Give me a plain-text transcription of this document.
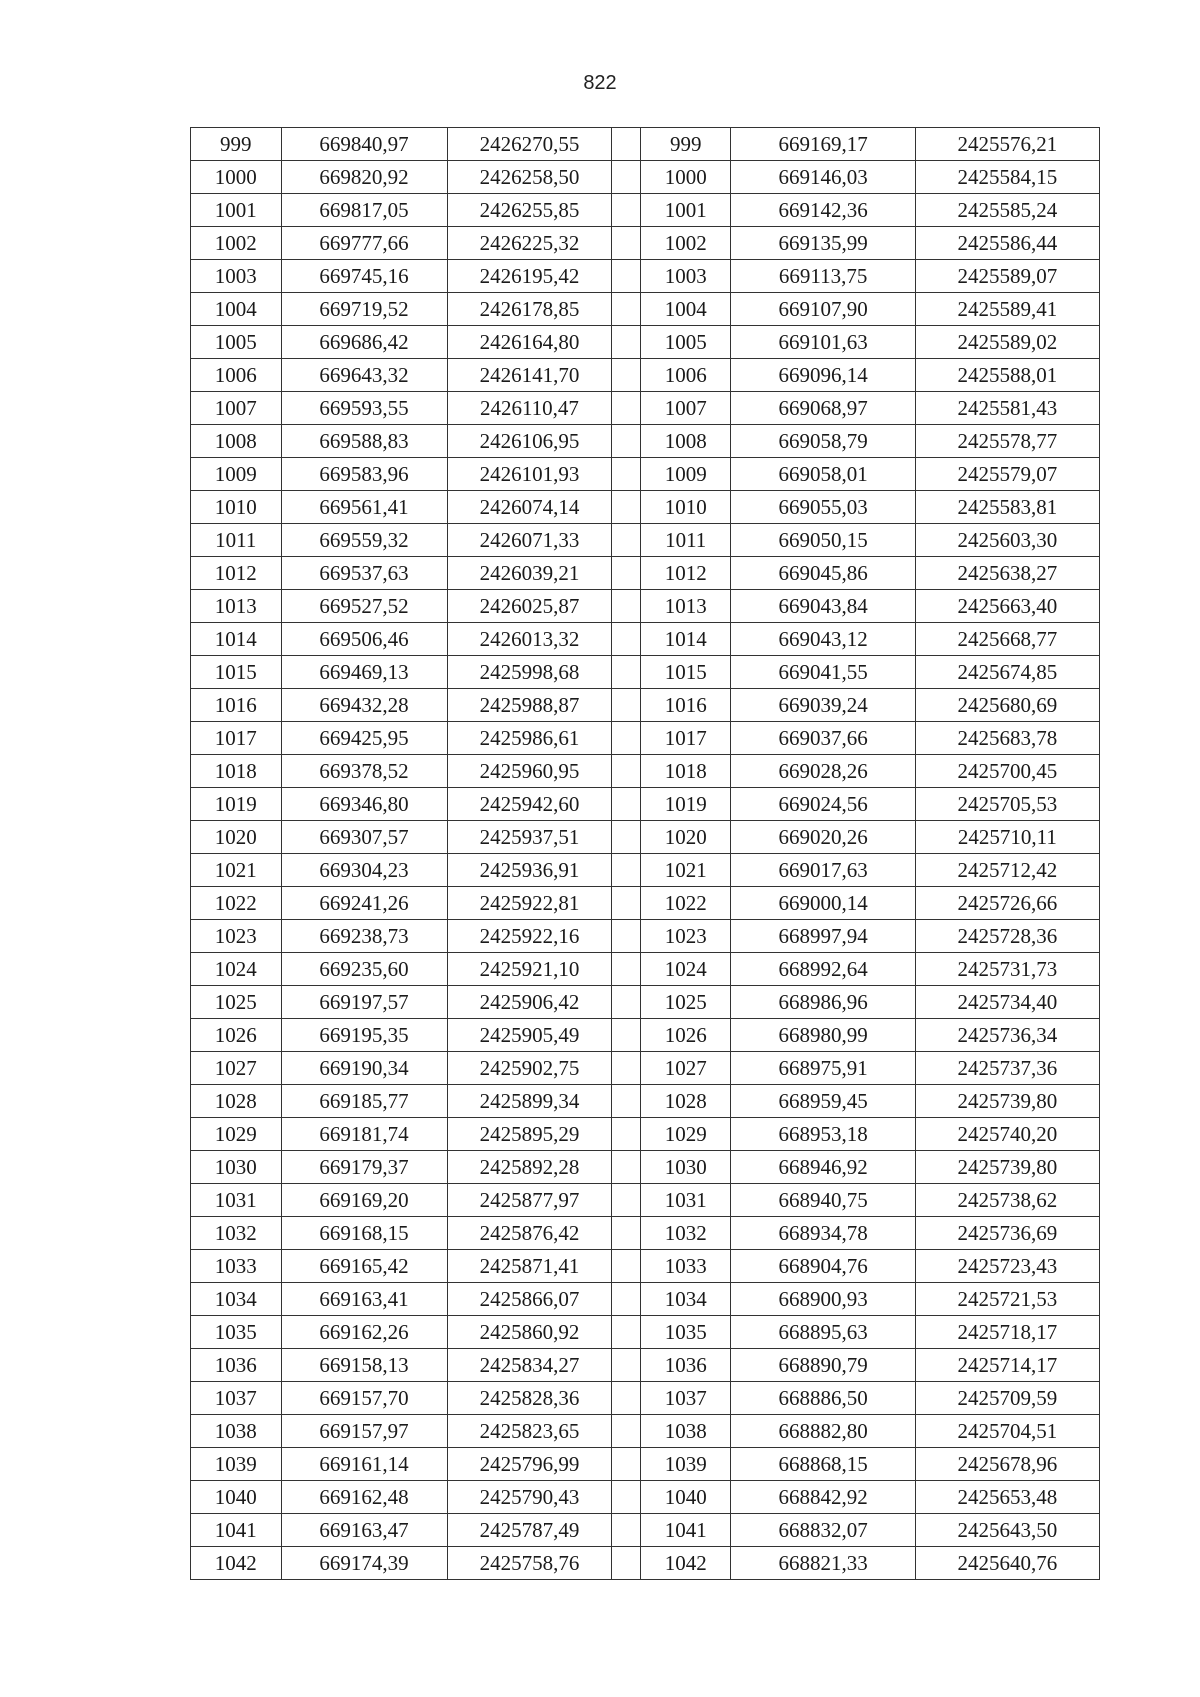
822
999	669840,97	2426270,55		999	669169,17	2425576,21
1000	669820,92	2426258,50		1000	669146,03	2425584,15
1001	669817,05	2426255,85		1001	669142,36	2425585,24
1002	669777,66	2426225,32		1002	669135,99	2425586,44
1003	669745,16	2426195,42		1003	669113,75	2425589,07
1004	669719,52	2426178,85		1004	669107,90	2425589,41
1005	669686,42	2426164,80		1005	669101,63	2425589,02
1006	669643,32	2426141,70		1006	669096,14	2425588,01
1007	669593,55	2426110,47		1007	669068,97	2425581,43
1008	669588,83	2426106,95		1008	669058,79	2425578,77
1009	669583,96	2426101,93		1009	669058,01	2425579,07
1010	669561,41	2426074,14		1010	669055,03	2425583,81
1011	669559,32	2426071,33		1011	669050,15	2425603,30
1012	669537,63	2426039,21		1012	669045,86	2425638,27
1013	669527,52	2426025,87		1013	669043,84	2425663,40
1014	669506,46	2426013,32		1014	669043,12	2425668,77
1015	669469,13	2425998,68		1015	669041,55	2425674,85
1016	669432,28	2425988,87		1016	669039,24	2425680,69
1017	669425,95	2425986,61		1017	669037,66	2425683,78
1018	669378,52	2425960,95		1018	669028,26	2425700,45
1019	669346,80	2425942,60		1019	669024,56	2425705,53
1020	669307,57	2425937,51		1020	669020,26	2425710,11
1021	669304,23	2425936,91		1021	669017,63	2425712,42
1022	669241,26	2425922,81		1022	669000,14	2425726,66
1023	669238,73	2425922,16		1023	668997,94	2425728,36
1024	669235,60	2425921,10		1024	668992,64	2425731,73
1025	669197,57	2425906,42		1025	668986,96	2425734,40
1026	669195,35	2425905,49		1026	668980,99	2425736,34
1027	669190,34	2425902,75		1027	668975,91	2425737,36
1028	669185,77	2425899,34		1028	668959,45	2425739,80
1029	669181,74	2425895,29		1029	668953,18	2425740,20
1030	669179,37	2425892,28		1030	668946,92	2425739,80
1031	669169,20	2425877,97		1031	668940,75	2425738,62
1032	669168,15	2425876,42		1032	668934,78	2425736,69
1033	669165,42	2425871,41		1033	668904,76	2425723,43
1034	669163,41	2425866,07		1034	668900,93	2425721,53
1035	669162,26	2425860,92		1035	668895,63	2425718,17
1036	669158,13	2425834,27		1036	668890,79	2425714,17
1037	669157,70	2425828,36		1037	668886,50	2425709,59
1038	669157,97	2425823,65		1038	668882,80	2425704,51
1039	669161,14	2425796,99		1039	668868,15	2425678,96
1040	669162,48	2425790,43		1040	668842,92	2425653,48
1041	669163,47	2425787,49		1041	668832,07	2425643,50
1042	669174,39	2425758,76		1042	668821,33	2425640,76
